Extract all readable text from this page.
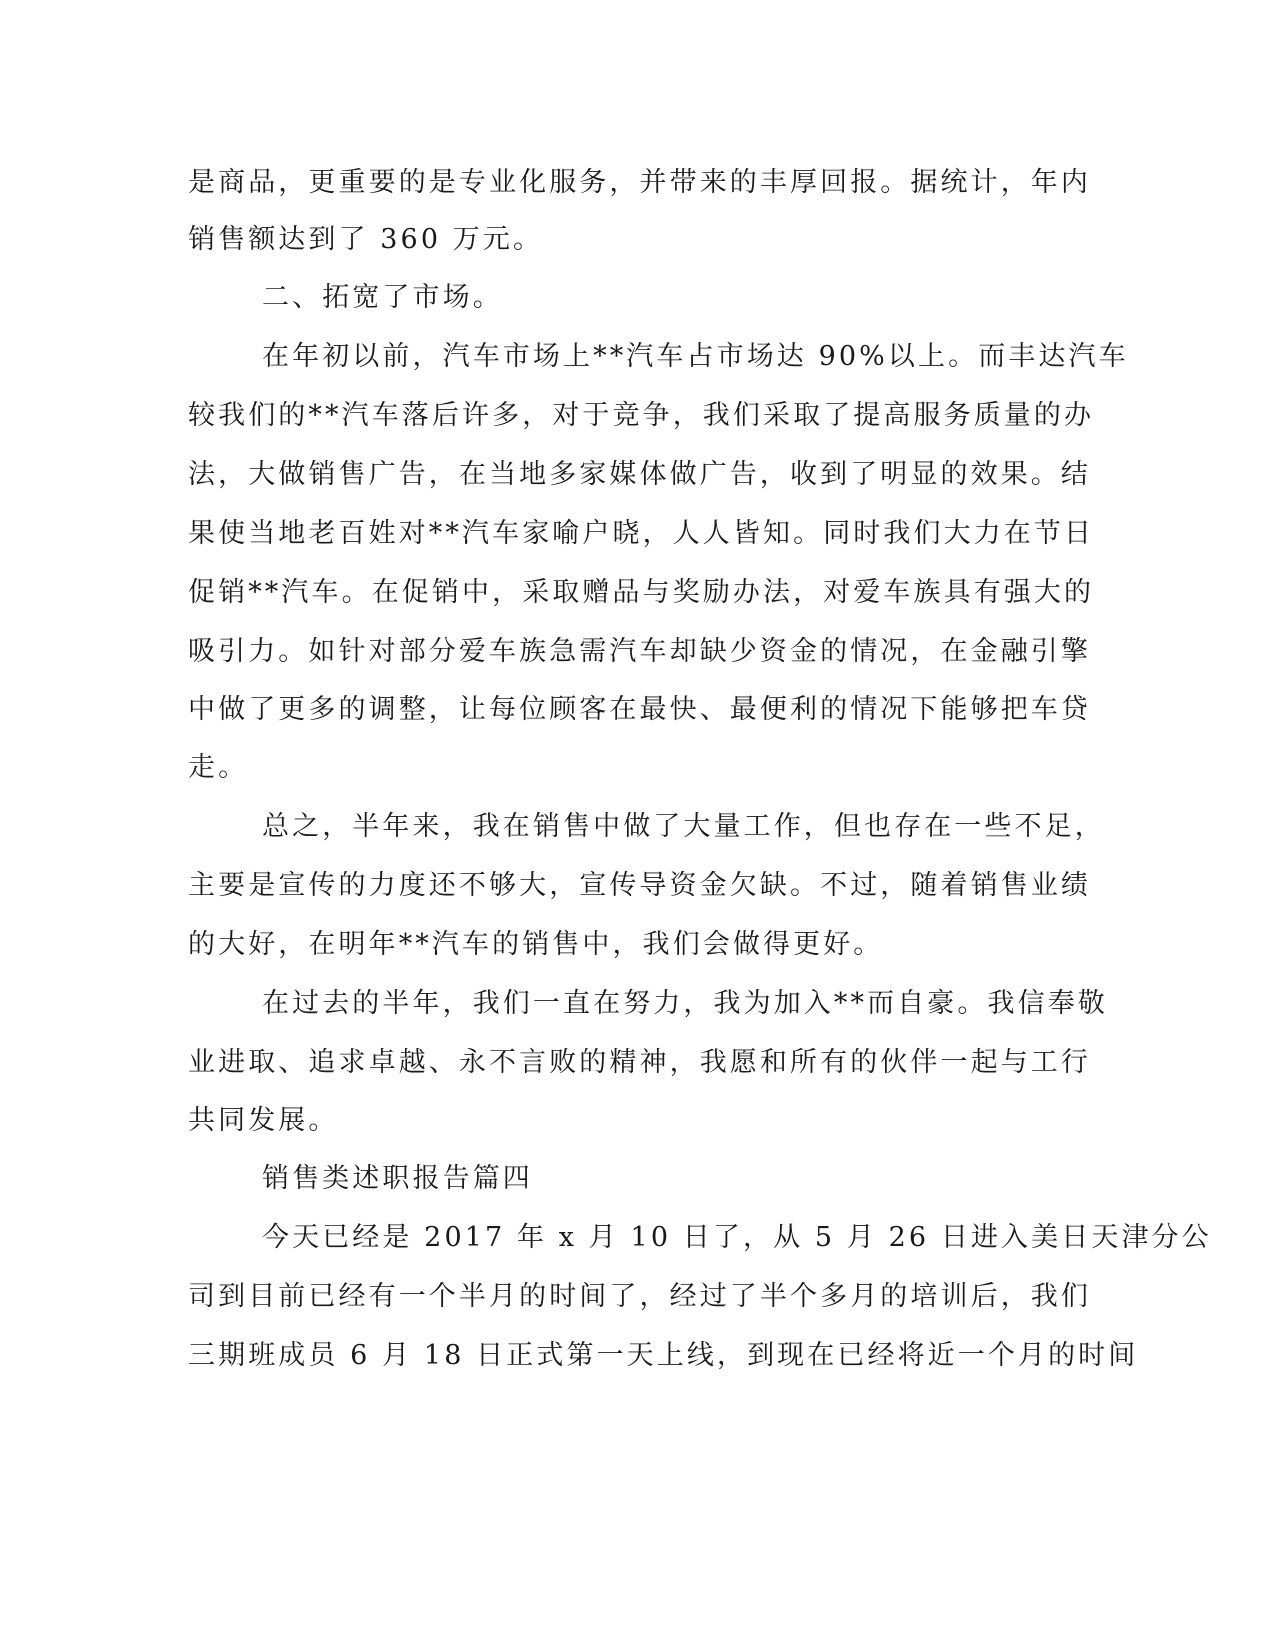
是商品，更重要的是专业化服务，并带来的丰厚回报。据统计，年内
销售额达到了 360 万元。
二、拓宽了市场。
在年初以前，汽车市场上**汽车占市场达 90%以上。而丰达汽车
较我们的**汽车落后许多，对于竞争，我们采取了提高服务质量的办
法，大做销售广告，在当地多家媒体做广告，收到了明显的效果。结
果使当地老百姓对**汽车家喻户晓，人人皆知。同时我们大力在节日
促销**汽车。在促销中，采取赠品与奖励办法，对爱车族具有强大的
吸引力。如针对部分爱车族急需汽车却缺少资金的情况，在金融引擎
中做了更多的调整，让每位顾客在最快、最便利的情况下能够把车贷
走。
总之，半年来，我在销售中做了大量工作，但也存在一些不足，
主要是宣传的力度还不够大，宣传导资金欠缺。不过，随着销售业绩
的大好，在明年**汽车的销售中，我们会做得更好。
在过去的半年，我们一直在努力，我为加入**而自豪。我信奉敬
业进取、追求卓越、永不言败的精神，我愿和所有的伙伴一起与工行
共同发展。
销售类述职报告篇四
今天已经是 2017 年 x 月 10 日了，从 5 月 26 日进入美日天津分公
司到目前已经有一个半月的时间了，经过了半个多月的培训后，我们
三期班成员 6 月 18 日正式第一天上线，到现在已经将近一个月的时间
